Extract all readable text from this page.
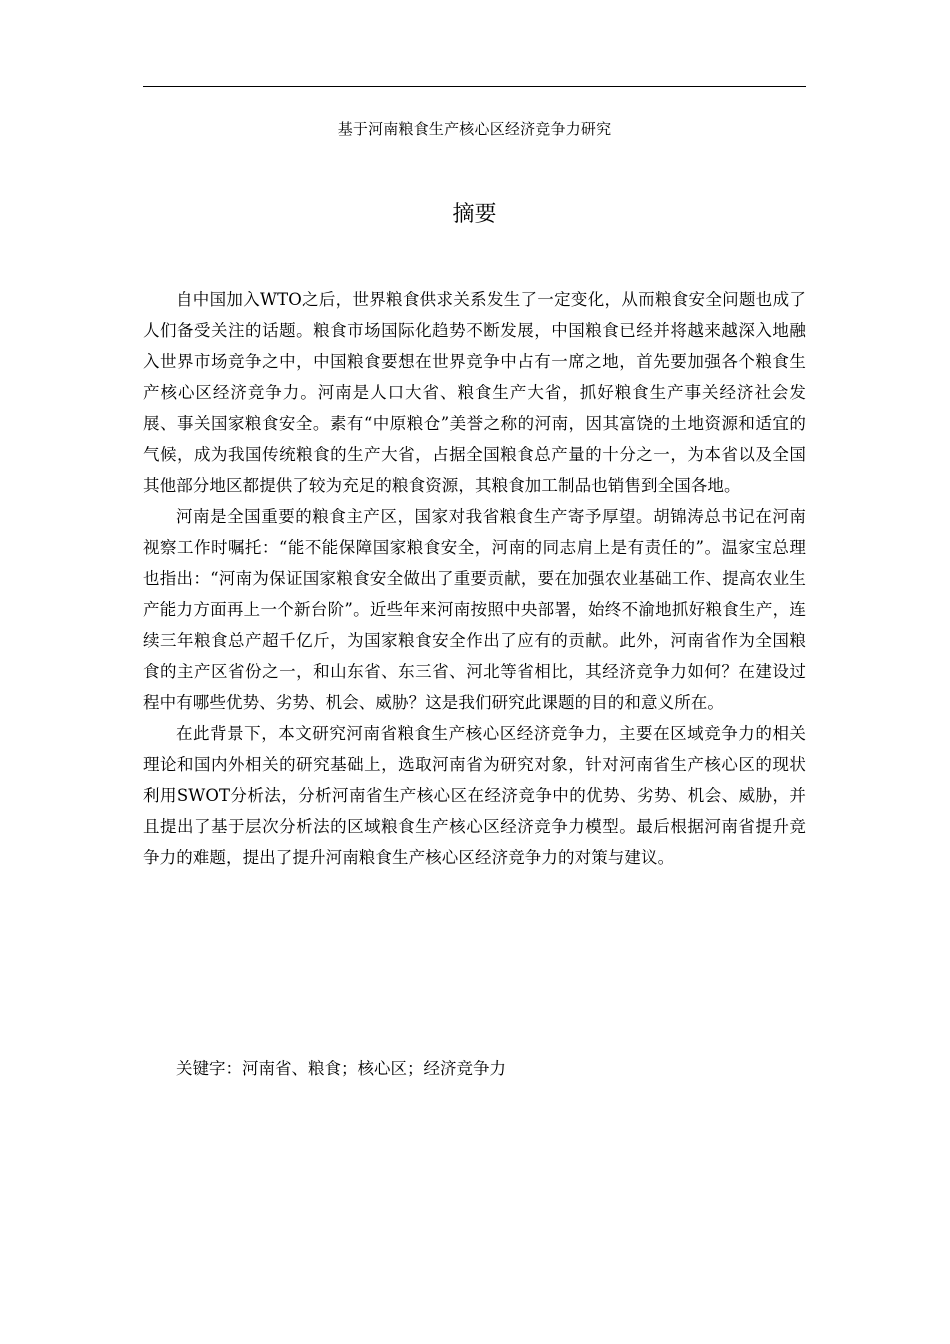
基于河南粮食生产核心区经济竞争力研究
摘要

自中国加入WTO之后，世界粮食供求关系发生了一定变化，从而粮食安全问题也成了人们备受关注的话题。粮食市场国际化趋势不断发展，中国粮食已经并将越来越深入地融入世界市场竞争之中，中国粮食要想在世界竞争中占有一席之地，首先要加强各个粮食生产核心区经济竞争力。河南是人口大省、粮食生产大省，抓好粮食生产事关经济社会发展、事关国家粮食安全。素有“中原粮仓”美誉之称的河南，因其富饶的土地资源和适宜的气候，成为我国传统粮食的生产大省，占据全国粮食总产量的十分之一，为本省以及全国其他部分地区都提供了较为充足的粮食资源，其粮食加工制品也销售到全国各地。

河南是全国重要的粮食主产区，国家对我省粮食生产寄予厚望。胡锦涛总书记在河南视察工作时嘱托：“能不能保障国家粮食安全，河南的同志肩上是有责任的”。温家宝总理也指出：“河南为保证国家粮食安全做出了重要贡献，要在加强农业基础工作、提高农业生产能力方面再上一个新台阶”。近些年来河南按照中央部署，始终不渝地抓好粮食生产，连续三年粮食总产超千亿斤，为国家粮食安全作出了应有的贡献。此外，河南省作为全国粮食的主产区省份之一，和山东省、东三省、河北等省相比，其经济竞争力如何？在建设过程中有哪些优势、劣势、机会、威胁？这是我们研究此课题的目的和意义所在。

在此背景下，本文研究河南省粮食生产核心区经济竞争力，主要在区域竞争力的相关理论和国内外相关的研究基础上，选取河南省为研究对象，针对河南省生产核心区的现状利用SWOT分析法，分析河南省生产核心区在经济竞争中的优势、劣势、机会、威胁，并且提出了基于层次分析法的区域粮食生产核心区经济竞争力模型。最后根据河南省提升竞争力的难题，提出了提升河南粮食生产核心区经济竞争力的对策与建议。

关键字：河南省、粮食；核心区；经济竞争力
